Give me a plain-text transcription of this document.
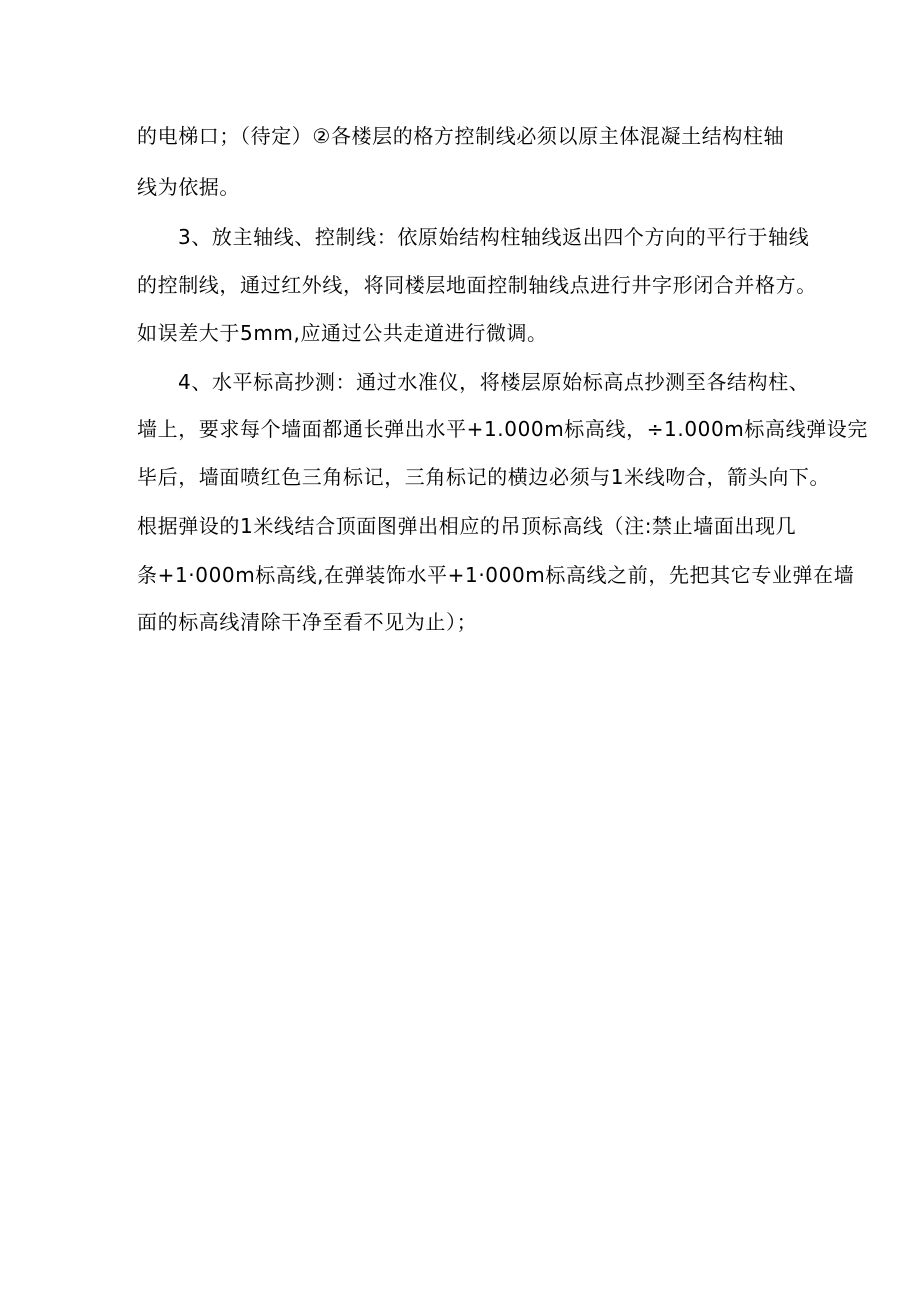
的电梯口；（待定）②各楼层的格方控制线必须以原主体混凝土结构柱轴
线为依据。
3、放主轴线、控制线：依原始结构柱轴线返出四个方向的平行于轴线
的控制线，通过红外线，将同楼层地面控制轴线点进行井字形闭合并格方。
如误差大于5mm,应通过公共走道进行微调。
4、水平标高抄测：通过水准仪，将楼层原始标高点抄测至各结构柱、
墙上，要求每个墙面都通长弹出水平+1.000m标高线，÷1.000m标高线弹设完
毕后，墙面喷红色三角标记，三角标记的横边必须与1米线吻合，箭头向下。
根据弹设的1米线结合顶面图弹出相应的吊顶标高线（注:禁止墙面出现几
条+1·000m标高线,在弹装饰水平+1·000m标高线之前，先把其它专业弹在墙
面的标高线清除干净至看不见为止）；
